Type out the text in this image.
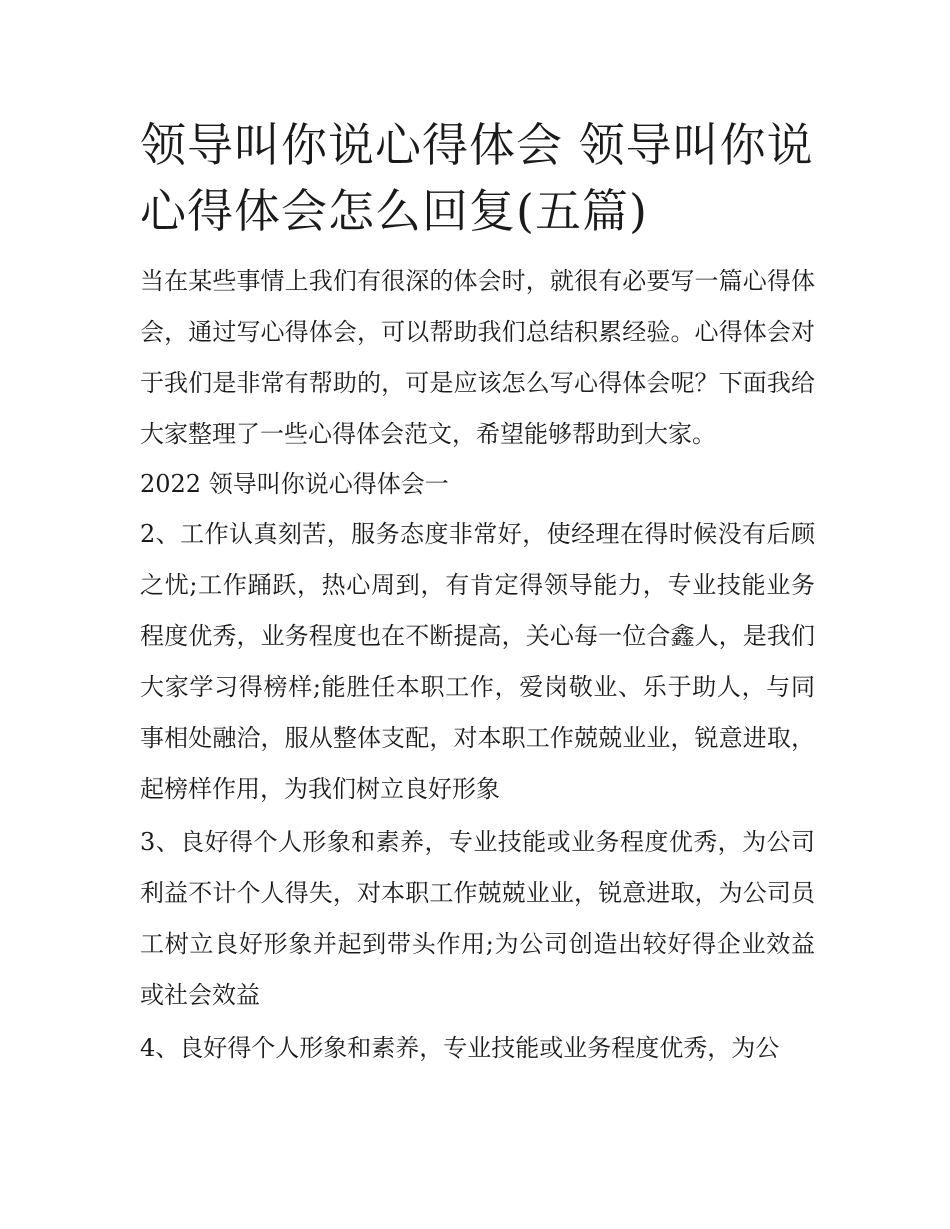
领导叫你说心得体会 领导叫你说心得体会怎么回复(五篇)

当在某些事情上我们有很深的体会时，就很有必要写一篇心得体会，通过写心得体会，可以帮助我们总结积累经验。心得体会对于我们是非常有帮助的，可是应该怎么写心得体会呢？下面我给大家整理了一些心得体会范文，希望能够帮助到大家。

2022 领导叫你说心得体会一

2、工作认真刻苦，服务态度非常好，使经理在得时候没有后顾之忧;工作踊跃，热心周到，有肯定得领导能力，专业技能业务程度优秀，业务程度也在不断提高，关心每一位合鑫人，是我们大家学习得榜样;能胜任本职工作，爱岗敬业、乐于助人，与同事相处融洽，服从整体支配，对本职工作兢兢业业，锐意进取，起榜样作用，为我们树立良好形象

3、良好得个人形象和素养，专业技能或业务程度优秀，为公司利益不计个人得失，对本职工作兢兢业业，锐意进取，为公司员工树立良好形象并起到带头作用;为公司创造出较好得企业效益或社会效益

4、良好得个人形象和素养，专业技能或业务程度优秀，为公
